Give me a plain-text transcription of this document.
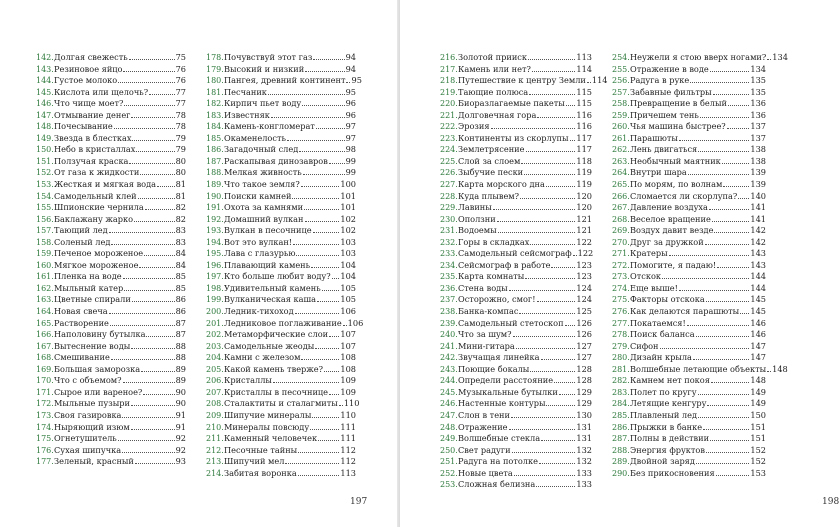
142. Долгая свежесть	75
143. Резиновое яйцо	76
144. Густое молоко	76
145. Кислота или щелочь?	77
146. Что чище моет?	77
147. Отмывание денег	78
148. Почесывание	78
149. Звезда в блестках	79
150. Небо в кристаллах	79
151. Ползучая краска	80
152. От газа к жидкости	80
153. Жесткая и мягкая вода 81
154. Самодельный клей	81
155. Шпионские чернила	82
156. Баклажану жарко	82
157. Тающий лед	83
158. Соленый лед	83
159. Печеное мороженое	84
160. Мягкое мороженое	84
161. Пленка на воде	85
162. Мыльный катер	85
163. Цветные спирали	86
164. Новая свеча	86
165. Растворение	87
166. Наполовину бутылка	87
167. Вытеснение воды	88
168. Смешивание	88
169. Большая заморозка	89
170. Что с объемом?	89
171. Сырое или вареное?	90
172. Мыльные пузыри	90
173. Своя газировка	91
174. Ныряющий изюм	91
175. Огнетушитель	92
176. Сухая шипучка	92
177. Зеленый, красный	93
178. Почувствуй этот газ	94
179. Высокий и низкий	94
180. Пангея, древний континент 95
181. Песчаник	95
182. Кирпич пьет воду	96
183. Известняк	96
184. Камень-конгломерат	97
185. Окаменелость	97
186. Загадочный след	98
187. Раскапывая динозавров 99
188. Мелкая живность	99
189. Что такое земля?	100
190. Поиски камней	101
191. Охота за камнями	101
192. Домашний вулкан	102
193. Вулкан в песочнице	102
194. Вот это вулкан!	103
195. Лава с глазурью	103
196. Плавающий камень	104
197. Кто больше любит воду? 104
198. Удивительный камень 105
199. Вулканическая каша	105
200. Ледник-тихоход	106
201. Ледниковое поглаживание 106
202. Метаморфические слои 107
203. Самодельные жеоды	107
204. Камни с железом	108
205. Какой камень тверже? 108
206. Кристаллы	109
207. Кристаллы в песочнице 109
208. Сталактиты и сталагмиты 110
209. Шипучие минералы	110
210. Минералы повсюду	111
211. Каменный человечек	111
212. Песочные тайны	112
213. Шипучий мел	112
214. Забитая воронка	113
197	198
216. Золотой прииск	113
217. Камень или нет?	114
218. Путешествие к центру Земли 114
219. Тающие полюса	115
220. Биоразлагаемые пакеты 115
221. Долговечная гора	116
222. Эрозия	116
223. Континенты из скорлупы 117
224. Землетрясение	117
225. Слой за слоем	118
226. Зыбучие пески	119
227. Карта морского дна	119
228. Куда плывем?	120
229. Лавины	120
230. Оползни	121
231. Водоемы	121
232. Горы в складках	122
233. Самодельный сейсмограф 122
234. Сейсмограф в работе	123
235. Карта комнаты	123
236. Стена воды	124
237. Осторожно, смог!	124
238. Банка-компас	125
239. Самодельный стетоскоп 126
240. Что за шум?	126
241. Мини-гитара	127
242. Звучащая линейка	127
243. Поющие бокалы	128
244. Определи расстояние	128
245. Музыкальные бутылки 129
246. Настенные контуры	129
247. Слон в тени	130
248. Отражение	131
249. Волшебные стекла	131
250. Свет радуги	132
251. Радуга на потолке	132
252. Новые цвета	133
253. Сложная белизна	133
254. Неужели я стою вверх ногами? 134
255. Отражение в воде	134
256. Радуга в руке	135
257. Забавные фильтры	135
258. Превращение в белый	136
259. Причешем тень	136
260. Чья машина быстрее?	137
261. Парашюты	137
262. Лень двигаться	138
263. Необычный маятник	138
264. Внутри шара	139
265. По морям, по волнам	139
266. Сломается ли скорлупа? 140
267. Давление воздуха	141
268. Веселое вращение	141
269. Воздух давит везде	142
270. Друг за дружкой	142
271. Кратеры	143
272. Помогите, я падаю!	143
273. Отскок	144
274. Еще выше!	144
275. Факторы отскока	145
276. Как делаются парашюты 145
277. Покатаемся!	146
278. Поиск баланса	146
279. Сифон	147
280. Дизайн крыла	147
281. Волшебные летающие объекты 148
282. Камнем нет покоя	148
283. Полет по кругу	149
284. Летящие кенгуру	149
285. Плавленый лед	150
286. Прыжки в банке	151
287. Полны в действии	151
288. Энергия фруктов	152
289. Двойной заряд	152
290. Без прикосновения	153
